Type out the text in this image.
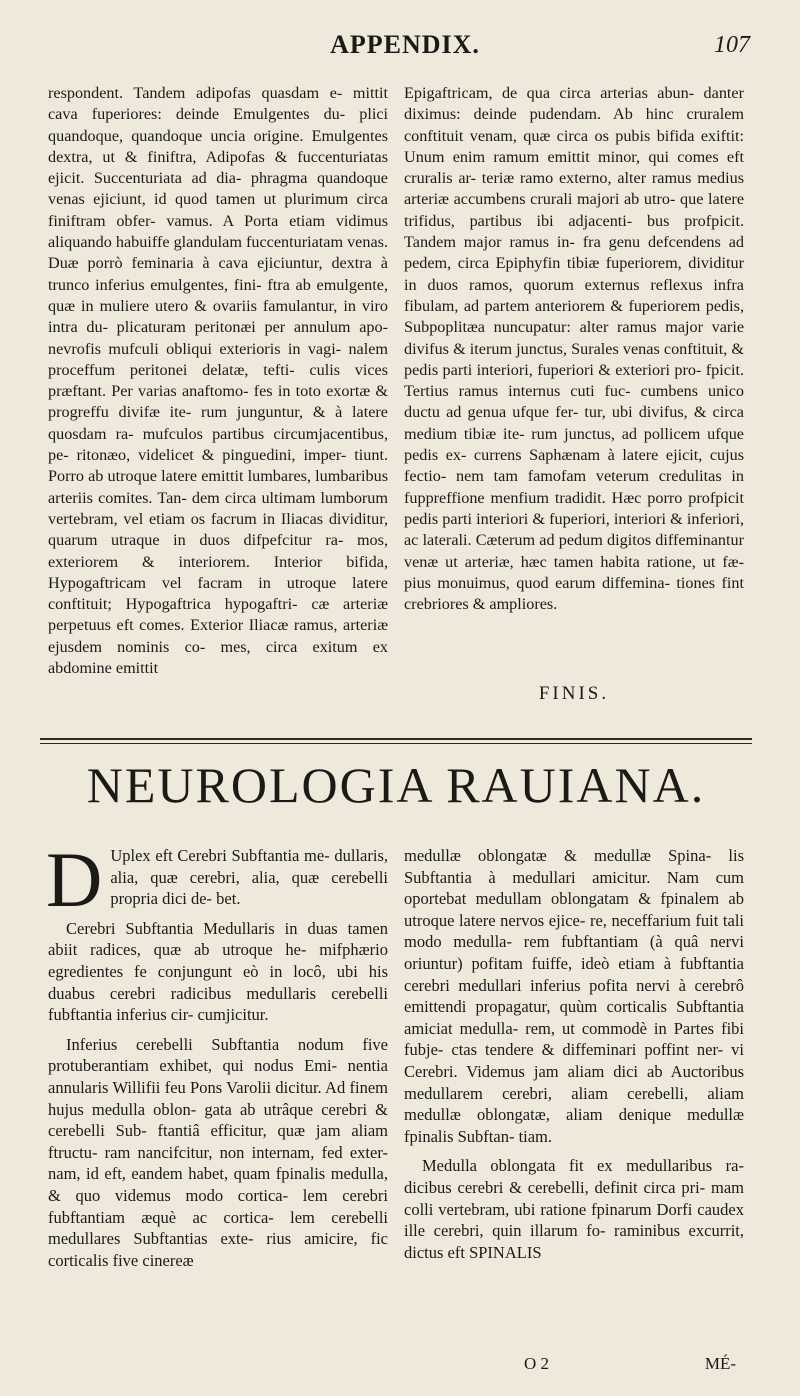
APPENDIX.	107

respondent. Tandem adipofas quasdam e- mittit cava fuperiores: deinde Emulgentes du- plici quandoque, quandoque uncia origine. Emulgentes dextra, ut & finiftra, Adipofas & fuccenturiatas ejicit. Succenturiata ad dia- phragma quandoque venas ejiciunt, id quod tamen ut plurimum circa finiftram obfer- vamus. A Porta etiam vidimus aliquando habuiffe glandulam fuccenturiatam venas. Duæ porrò feminaria à cava ejiciuntur, dextra à trunco inferius emulgentes, fini- ftra ab emulgente, quæ in muliere utero & ovariis famulantur, in viro intra du- plicaturam peritonæi per annulum apo- nevrofis mufculi obliqui exterioris in vagi- nalem proceffum peritonei delatæ, tefti- culis vices præftant. Per varias anaftomo- fes in toto exortæ & progreffu divifæ ite- rum junguntur, & à latere quosdam ra- mufculos partibus circumjacentibus, pe- ritonæo, videlicet & pinguedini, imper- tiunt. Porro ab utroque latere emittit lumbares, lumbaribus arteriis comites. Tan- dem circa ultimam lumborum vertebram, vel etiam os facrum in Iliacas dividitur, quarum utraque in duos difpefcitur ra- mos, exteriorem & interiorem. Interior bifida, Hypogaftricam vel facram in utroque latere conftituit; Hypogaftrica hypogaftri- cæ arteriæ perpetuus eft comes. Exterior Iliacæ ramus, arteriæ ejusdem nominis co- mes, circa exitum ex abdomine emittit

Epigaftricam, de qua circa arterias abun- danter diximus: deinde pudendam. Ab hinc cruralem conftituit venam, quæ circa os pubis bifida exiftit: Unum enim ramum emittit minor, qui comes eft cruralis ar- teriæ ramo externo, alter ramus medius arteriæ accumbens crurali majori ab utro- que latere trifidus, partibus ibi adjacenti- bus profpicit. Tandem major ramus in- fra genu defcendens ad pedem, circa Epiphyfin tibiæ fuperiorem, dividitur in duos ramos, quorum externus reflexus infra fibulam, ad partem anteriorem & fuperiorem pedis, Subpoplitæa nuncupatur: alter ramus major varie divifus & iterum junctus, Surales venas conftituit, & pedis parti interiori, fuperiori & exteriori pro- fpicit. Tertius ramus internus cuti fuc- cumbens unico ductu ad genua ufque fer- tur, ubi divifus, & circa medium tibiæ ite- rum junctus, ad pollicem ufque pedis ex- currens Saphænam à latere ejicit, cujus fectio- nem tam famofam veterum credulitas in fuppreffione menfium tradidit. Hæc porro profpicit pedis parti interiori & fuperiori, interiori & inferiori, ac laterali. Cæterum ad pedum digitos diffeminantur venæ ut arteriæ, hæc tamen habita ratione, ut fæ- pius monuimus, quod earum diffemina- tiones fint crebriores & ampliores.

FINIS.
NEUROLOGIA RAUIANA.

D Uplex eft Cerebri Subftantia me- dullaris, alia, quæ cerebri, alia, quæ cerebelli propria dici de- bet.

Cerebri Subftantia Medullaris in duas tamen abiit radices, quæ ab utroque he- mifphærio egredientes fe conjungunt eò in locô, ubi his duabus cerebri radicibus medullaris cerebelli fubftantia inferius cir- cumjicitur.

Inferius cerebelli Subftantia nodum five protuberantiam exhibet, qui nodus Emi- nentia annularis Willifii feu Pons Varolii dicitur. Ad finem hujus medulla oblon- gata ab utrâque cerebri & cerebelli Sub- ftantiâ efficitur, quæ jam aliam ftructu- ram nancifcitur, non internam, fed exter- nam, id eft, eandem habet, quam fpinalis medulla, & quo videmus modo cortica- lem cerebri fubftantiam æquè ac cortica- lem cerebelli medullares Subftantias exte- rius amicire, fic corticalis five cinereæ

medullæ oblongatæ & medullæ Spina- lis Subftantia à medullari amicitur. Nam cum oportebat medullam oblongatam & fpinalem ab utroque latere nervos ejice- re, neceffarium fuit tali modo medulla- rem fubftantiam (à quâ nervi oriuntur) pofitam fuiffe, ideò etiam à fubftantia cerebri medullari inferius pofita nervi à cerebrô emittendi propagatur, quùm corticalis Subftantia amiciat medulla- rem, ut commodè in Partes fibi fubje- ctas tendere & diffeminari poffint ner- vi Cerebri. Videmus jam aliam dici ab Auctoribus medullarem cerebri, aliam cerebelli, aliam medullæ oblongatæ, aliam denique medullæ fpinalis Subftan- tiam.

Medulla oblongata fit ex medullaribus ra- dicibus cerebri & cerebelli, definit circa pri- mam colli vertebram, ubi ratione fpinarum Dorfi caudex ille cerebri, quin illarum fo- raminibus excurrit, dictus eft SPINALIS

O 2	MÉ-
